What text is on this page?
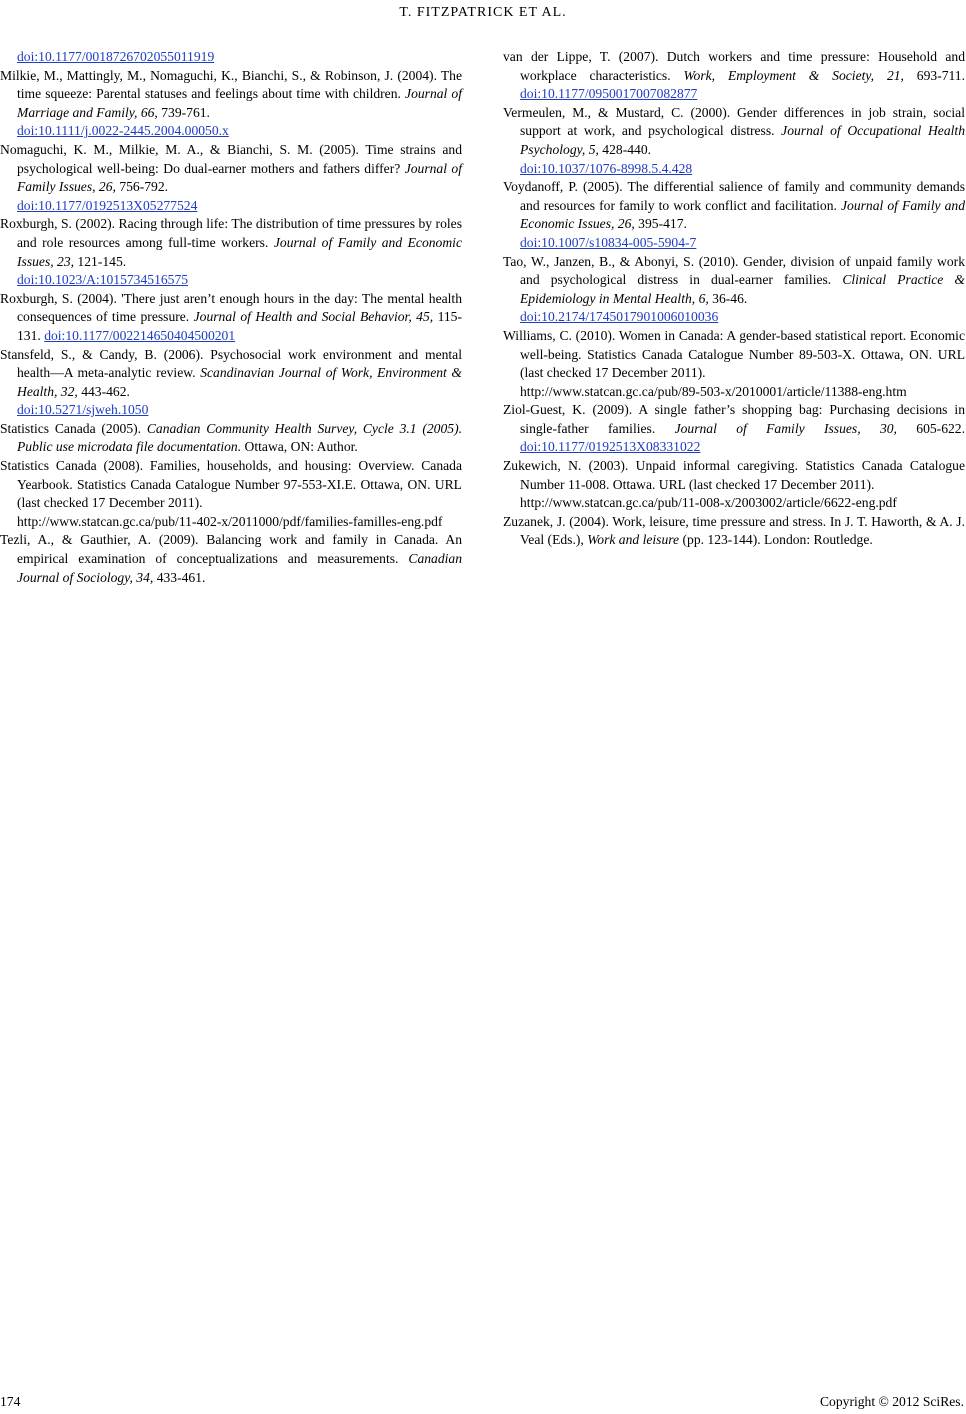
T. FITZPATRICK ET AL.

doi:10.1177/0018726702055011919

Milkie, M., Mattingly, M., Nomaguchi, K., Bianchi, S., & Robinson, J. (2004). The time squeeze: Parental statuses and feelings about time with children. Journal of Marriage and Family, 66, 739-761.

doi:10.1111/j.0022-2445.2004.00050.x

Nomaguchi, K. M., Milkie, M. A., & Bianchi, S. M. (2005). Time strains and psychological well-being: Do dual-earner mothers and fathers differ? Journal of Family Issues, 26, 756-792.

doi:10.1177/0192513X05277524

Roxburgh, S. (2002). Racing through life: The distribution of time pressures by roles and role resources among full-time workers. Journal of Family and Economic Issues, 23, 121-145.

doi:10.1023/A:1015734516575

Roxburgh, S. (2004). 'There just aren’t enough hours in the day: The mental health consequences of time pressure. Journal of Health and Social Behavior, 45, 115-131. doi:10.1177/002214650404500201

Stansfeld, S., & Candy, B. (2006). Psychosocial work environment and mental health—A meta-analytic review. Scandinavian Journal of Work, Environment & Health, 32, 443-462.

doi:10.5271/sjweh.1050

Statistics Canada (2005). Canadian Community Health Survey, Cycle 3.1 (2005). Public use microdata file documentation. Ottawa, ON: Author.

Statistics Canada (2008). Families, households, and housing: Overview. Canada Yearbook. Statistics Canada Catalogue Number 97-553-XI.E. Ottawa, ON. URL (last checked 17 December 2011).

http://www.statcan.gc.ca/pub/11-402-x/2011000/pdf/families-familles-eng.pdf

Tezli, A., & Gauthier, A. (2009). Balancing work and family in Canada. An empirical examination of conceptualizations and measurements. Canadian Journal of Sociology, 34, 433-461.

van der Lippe, T. (2007). Dutch workers and time pressure: Household and workplace characteristics. Work, Employment & Society, 21, 693-711. doi:10.1177/0950017007082877

Vermeulen, M., & Mustard, C. (2000). Gender differences in job strain, social support at work, and psychological distress. Journal of Occupational Health Psychology, 5, 428-440.

doi:10.1037/1076-8998.5.4.428

Voydanoff, P. (2005). The differential salience of family and community demands and resources for family to work conflict and facilitation. Journal of Family and Economic Issues, 26, 395-417.

doi:10.1007/s10834-005-5904-7

Tao, W., Janzen, B., & Abonyi, S. (2010). Gender, division of unpaid family work and psychological distress in dual-earner families. Clinical Practice & Epidemiology in Mental Health, 6, 36-46.

doi:10.2174/1745017901006010036

Williams, C. (2010). Women in Canada: A gender-based statistical report. Economic well-being. Statistics Canada Catalogue Number 89-503-X. Ottawa, ON. URL (last checked 17 December 2011).

http://www.statcan.gc.ca/pub/89-503-x/2010001/article/11388-eng.htm

Ziol-Guest, K. (2009). A single father’s shopping bag: Purchasing decisions in single-father families. Journal of Family Issues, 30, 605-622. doi:10.1177/0192513X08331022

Zukewich, N. (2003). Unpaid informal caregiving. Statistics Canada Catalogue Number 11-008. Ottawa. URL (last checked 17 December 2011).

http://www.statcan.gc.ca/pub/11-008-x/2003002/article/6622-eng.pdf

Zuzanek, J. (2004). Work, leisure, time pressure and stress. In J. T. Haworth, & A. J. Veal (Eds.), Work and leisure (pp. 123-144). London: Routledge.

174	Copyright © 2012 SciRes.
